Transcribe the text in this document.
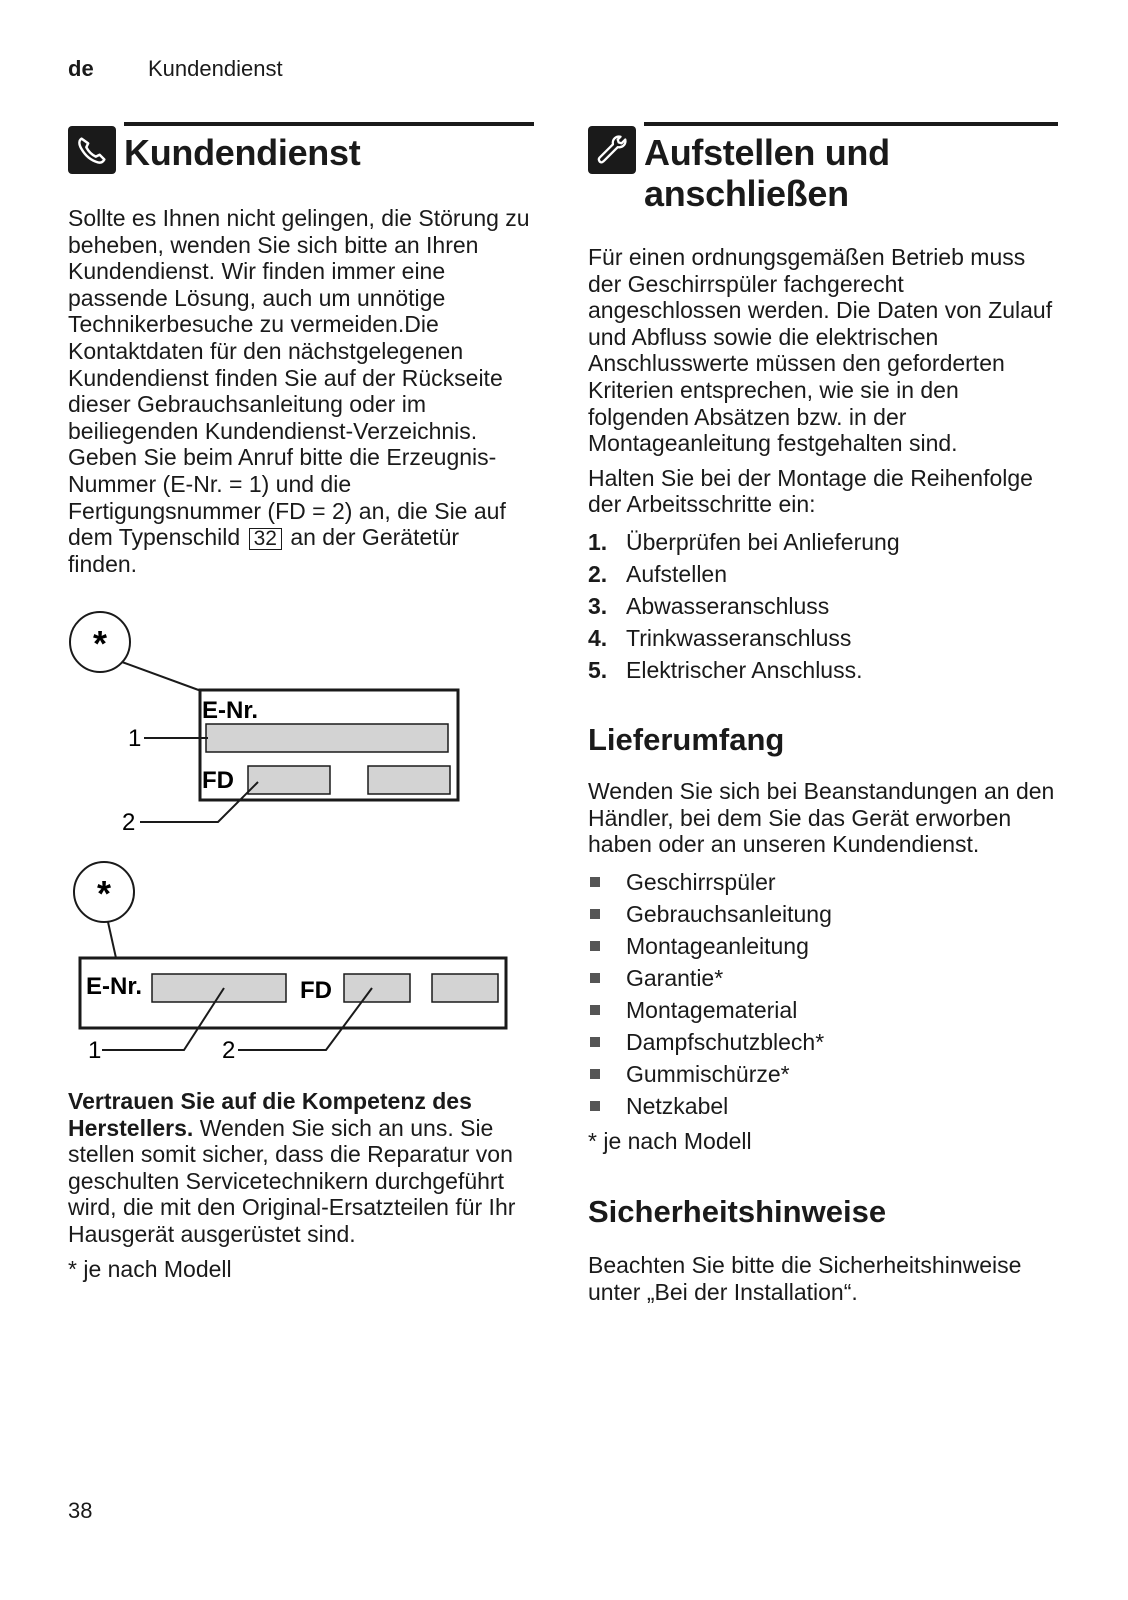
de Kundendienst
Kundendienst

Sollte es Ihnen nicht gelingen, die Störung zu beheben, wenden Sie sich bitte an Ihren Kundendienst. Wir finden immer eine passende Lösung, auch um unnötige Technikerbesuche zu vermeiden.Die Kontaktdaten für den nächstgelegenen Kundendienst finden Sie auf der Rückseite dieser Gebrauchsanleitung oder im beiliegenden Kundendienst-Verzeichnis. Geben Sie beim Anruf bitte die Erzeugnis-Nummer (E-Nr. = 1) und die Fertigungsnummer (FD = 2) an, die Sie auf dem Typenschild 32 an der Gerätetür finden.

*
E-Nr.
FD
1
2
*
E-Nr.	FD
1	2

Vertrauen Sie auf die Kompetenz des Herstellers. Wenden Sie sich an uns. Sie stellen somit sicher, dass die Reparatur von geschulten Servicetechnikern durchgeführt wird, die mit den Original-Ersatzteilen für Ihr Hausgerät ausgerüstet sind.

* je nach Modell

Aufstellen und anschließen

Für einen ordnungsgemäßen Betrieb muss der Geschirrspüler fachgerecht angeschlossen werden. Die Daten von Zulauf und Abfluss sowie die elektrischen Anschlusswerte müssen den geforderten Kriterien entsprechen, wie sie in den folgenden Absätzen bzw. in der Montageanleitung festgehalten sind.

Halten Sie bei der Montage die Reihenfolge der Arbeitsschritte ein:

1. Überprüfen bei Anlieferung
2. Aufstellen
3. Abwasseranschluss
4. Trinkwasseranschluss
5. Elektrischer Anschluss.
Lieferumfang

Wenden Sie sich bei Beanstandungen an den Händler, bei dem Sie das Gerät erworben haben oder an unseren Kundendienst.

Geschirrspüler
Gebrauchsanleitung
Montageanleitung
Garantie*
Montagematerial
Dampfschutzblech*
Gummischürze*
Netzkabel

* je nach Modell

Sicherheitshinweise

Beachten Sie bitte die Sicherheitshinweise unter „Bei der Installation“.

38
